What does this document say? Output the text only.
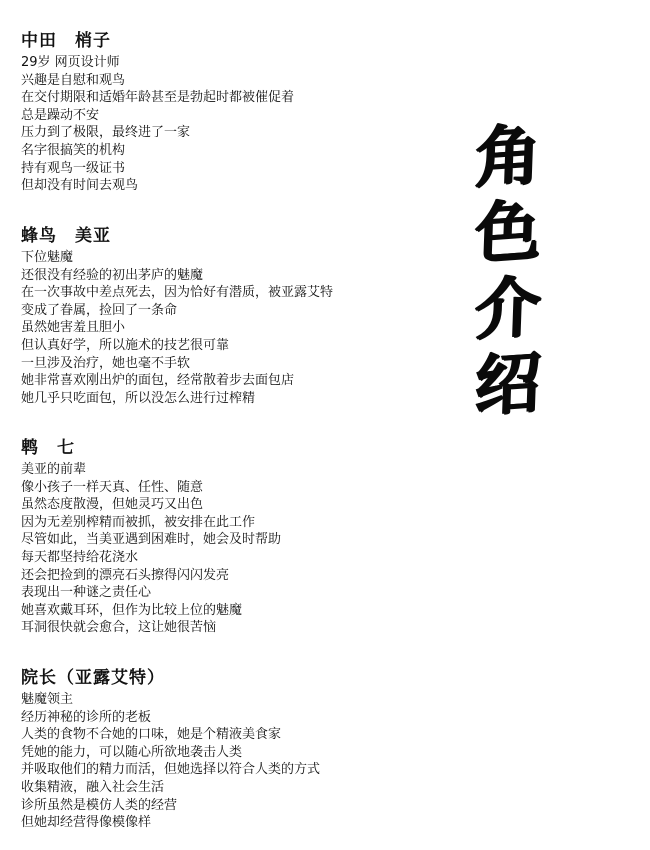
中田　梢子
29岁 网页设计师
兴趣是自慰和观鸟
在交付期限和适婚年龄甚至是勃起时都被催促着
总是躁动不安
压力到了极限，最终进了一家
名字很搞笑的机构
持有观鸟一级证书
但却没有时间去观鸟
蜂鸟　美亚
下位魅魔
还很没有经验的初出茅庐的魅魔
在一次事故中差点死去，因为恰好有潜质，被亚露艾特
变成了眷属，捡回了一条命
虽然她害羞且胆小
但认真好学，所以施术的技艺很可靠
一旦涉及治疗，她也毫不手软
她非常喜欢刚出炉的面包，经常散着步去面包店
她几乎只吃面包，所以没怎么进行过榨精
鹎　七
美亚的前辈
像小孩子一样天真、任性、随意
虽然态度散漫，但她灵巧又出色
因为无差别榨精而被抓，被安排在此工作
尽管如此，当美亚遇到困难时，她会及时帮助
每天都坚持给花浇水
还会把捡到的漂亮石头擦得闪闪发亮
表现出一种谜之责任心
她喜欢戴耳环，但作为比较上位的魅魔
耳洞很快就会愈合，这让她很苦恼
院长（亚露艾特）
魅魔领主
经历神秘的诊所的老板
人类的食物不合她的口味，她是个精液美食家
凭她的能力，可以随心所欲地袭击人类
并吸取他们的精力而活，但她选择以符合人类的方式
收集精液，融入社会生活
诊所虽然是模仿人类的经营
但她却经营得像模像样
角
色
介
绍
